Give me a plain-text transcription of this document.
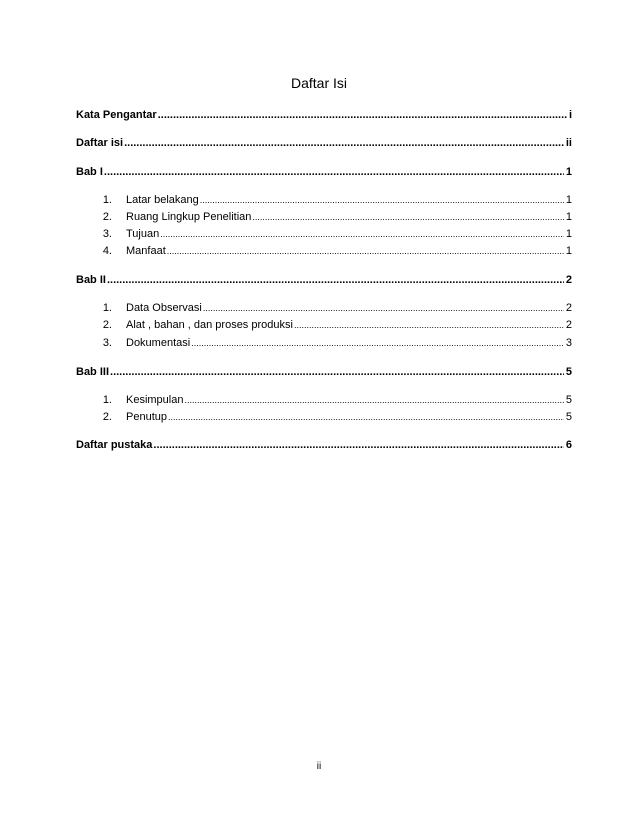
Daftar Isi
Kata Pengantar .....	i
Daftar isi .....	ii
Bab I .....	1
1. Latar belakang .....	1
2. Ruang Lingkup Penelitian .....	1
3. Tujuan .....	1
4. Manfaat .....	1
Bab II .....	2
1. Data Observasi .....	2
2. Alat , bahan , dan proses produksi .....	2
3. Dokumentasi .....	3
Bab III .....	5
1. Kesimpulan .....	5
2. Penutup .....	5
Daftar pustaka .....	6
ii
